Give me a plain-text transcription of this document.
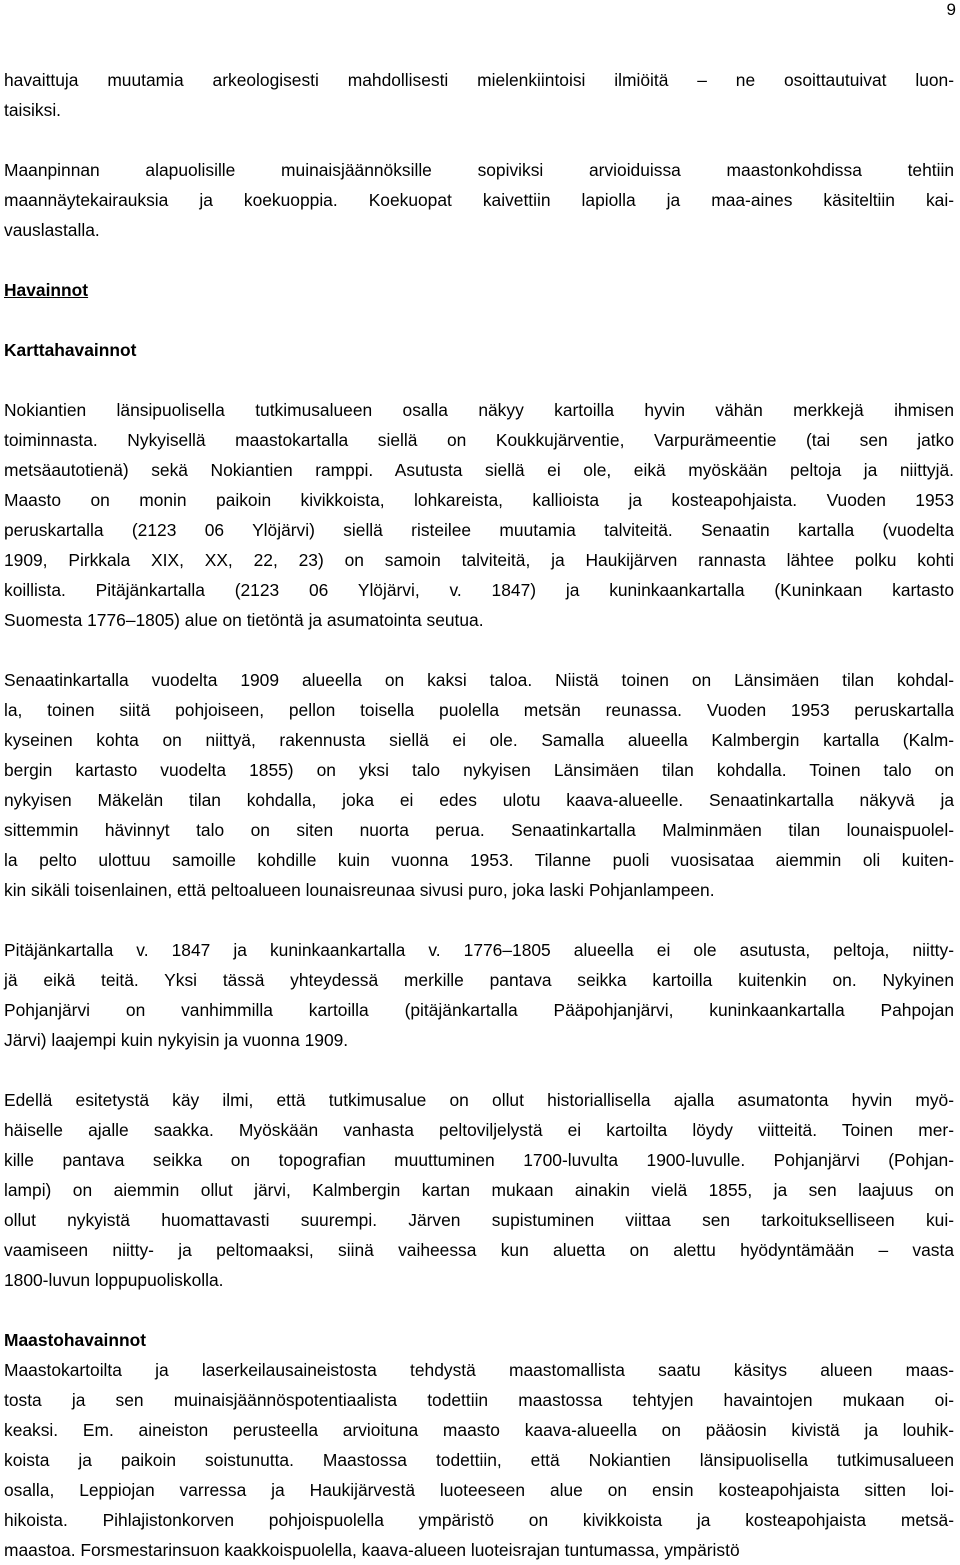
9
havaittuja muutamia arkeologisesti mahdollisesti mielenkiintoisi ilmiöitä – ne osoittautuivat luon-
taisiksi.
Maanpinnan alapuolisille muinaisjäännöksille sopiviksi arvioiduissa maastonkohdissa tehtiin
maannäytekairauksia ja koekuoppia. Koekuopat kaivettiin lapiolla ja maa-aines käsiteltiin kai-
vauslastalla.
Havainnot
Karttahavainnot
Nokiantien länsipuolisella tutkimusalueen osalla näkyy kartoilla hyvin vähän merkkejä ihmisen
toiminnasta. Nykyisellä maastokartalla siellä on Koukkujärventie, Varpurämeentie (tai sen jatko
metsäautotienä) sekä Nokiantien ramppi. Asutusta siellä ei ole, eikä myöskään peltoja ja niittyjä.
Maasto on monin paikoin kivikkoista, lohkareista, kallioista ja kosteapohjaista. Vuoden 1953
peruskartalla (2123 06 Ylöjärvi) siellä risteilee muutamia talviteitä. Senaatin kartalla (vuodelta
1909, Pirkkala XIX, XX, 22, 23) on samoin talviteitä, ja Haukijärven rannasta lähtee polku kohti
koillista. Pitäjänkartalla (2123 06 Ylöjärvi, v. 1847) ja kuninkaankartalla (Kuninkaan kartasto
Suomesta 1776–1805) alue on tietöntä ja asumatointa seutua.
Senaatinkartalla vuodelta 1909 alueella on kaksi taloa. Niistä toinen on Länsimäen tilan kohdal-
la, toinen siitä pohjoiseen, pellon toisella puolella metsän reunassa. Vuoden 1953 peruskartalla
kyseinen kohta on niittyä, rakennusta siellä ei ole. Samalla alueella Kalmbergin kartalla (Kalm-
bergin kartasto vuodelta 1855) on yksi talo nykyisen Länsimäen tilan kohdalla. Toinen talo on
nykyisen Mäkelän tilan kohdalla, joka ei edes ulotu kaava-alueelle. Senaatinkartalla näkyvä ja
sittemmin hävinnyt talo on siten nuorta perua. Senaatinkartalla Malminmäen tilan lounaispuolel-
la pelto ulottuu samoille kohdille kuin vuonna 1953. Tilanne puoli vuosisataa aiemmin oli kuiten-
kin sikäli toisenlainen, että peltoalueen lounaisreunaa sivusi puro, joka laski Pohjanlampeen.
Pitäjänkartalla v. 1847 ja kuninkaankartalla v. 1776–1805 alueella ei ole asutusta, peltoja, niitty-
jä eikä teitä. Yksi tässä yhteydessä merkille pantava seikka kartoilla kuitenkin on. Nykyinen
Pohjanjärvi on vanhimmilla kartoilla (pitäjänkartalla Pääpohjanjärvi, kuninkaankartalla Pahpojan
Järvi) laajempi kuin nykyisin ja vuonna 1909.
Edellä esitetystä käy ilmi, että tutkimusalue on ollut historiallisella ajalla asumatonta hyvin myö-
häiselle ajalle saakka. Myöskään vanhasta peltoviljelystä ei kartoilta löydy viitteitä. Toinen mer-
kille pantava seikka on topografian muuttuminen 1700-luvulta 1900-luvulle. Pohjanjärvi (Pohjan-
lampi) on aiemmin ollut järvi, Kalmbergin kartan mukaan ainakin vielä 1855, ja sen laajuus on
ollut nykyistä huomattavasti suurempi. Järven supistuminen viittaa sen tarkoitukselliseen kui-
vaamiseen niitty- ja peltomaaksi, siinä vaiheessa kun aluetta on alettu hyödyntämään – vasta
1800-luvun loppupuoliskolla.
Maastohavainnot
Maastokartoilta ja laserkeilausaineistosta tehdystä maastomallista saatu käsitys alueen maas-
tosta ja sen muinaisjäännöspotentiaalista todettiin maastossa tehtyjen havaintojen mukaan oi-
keaksi. Em. aineiston perusteella arvioituna maasto kaava-alueella on pääosin kivistä ja louhik-
koista ja paikoin soistunutta. Maastossa todettiin, että Nokiantien länsipuolisella tutkimusalueen
osalla, Leppiojan varressa ja Haukijärvestä luoteeseen alue on ensin kosteapohjaista sitten loi-
hikoista. Pihlajistonkorven pohjoispuolella ympäristö on kivikkoista ja kosteapohjaista metsä-
maastoa. Forsmestarinsuon kaakkoispuolella, kaava-alueen luoteisrajan tuntumassa, ympäristö
